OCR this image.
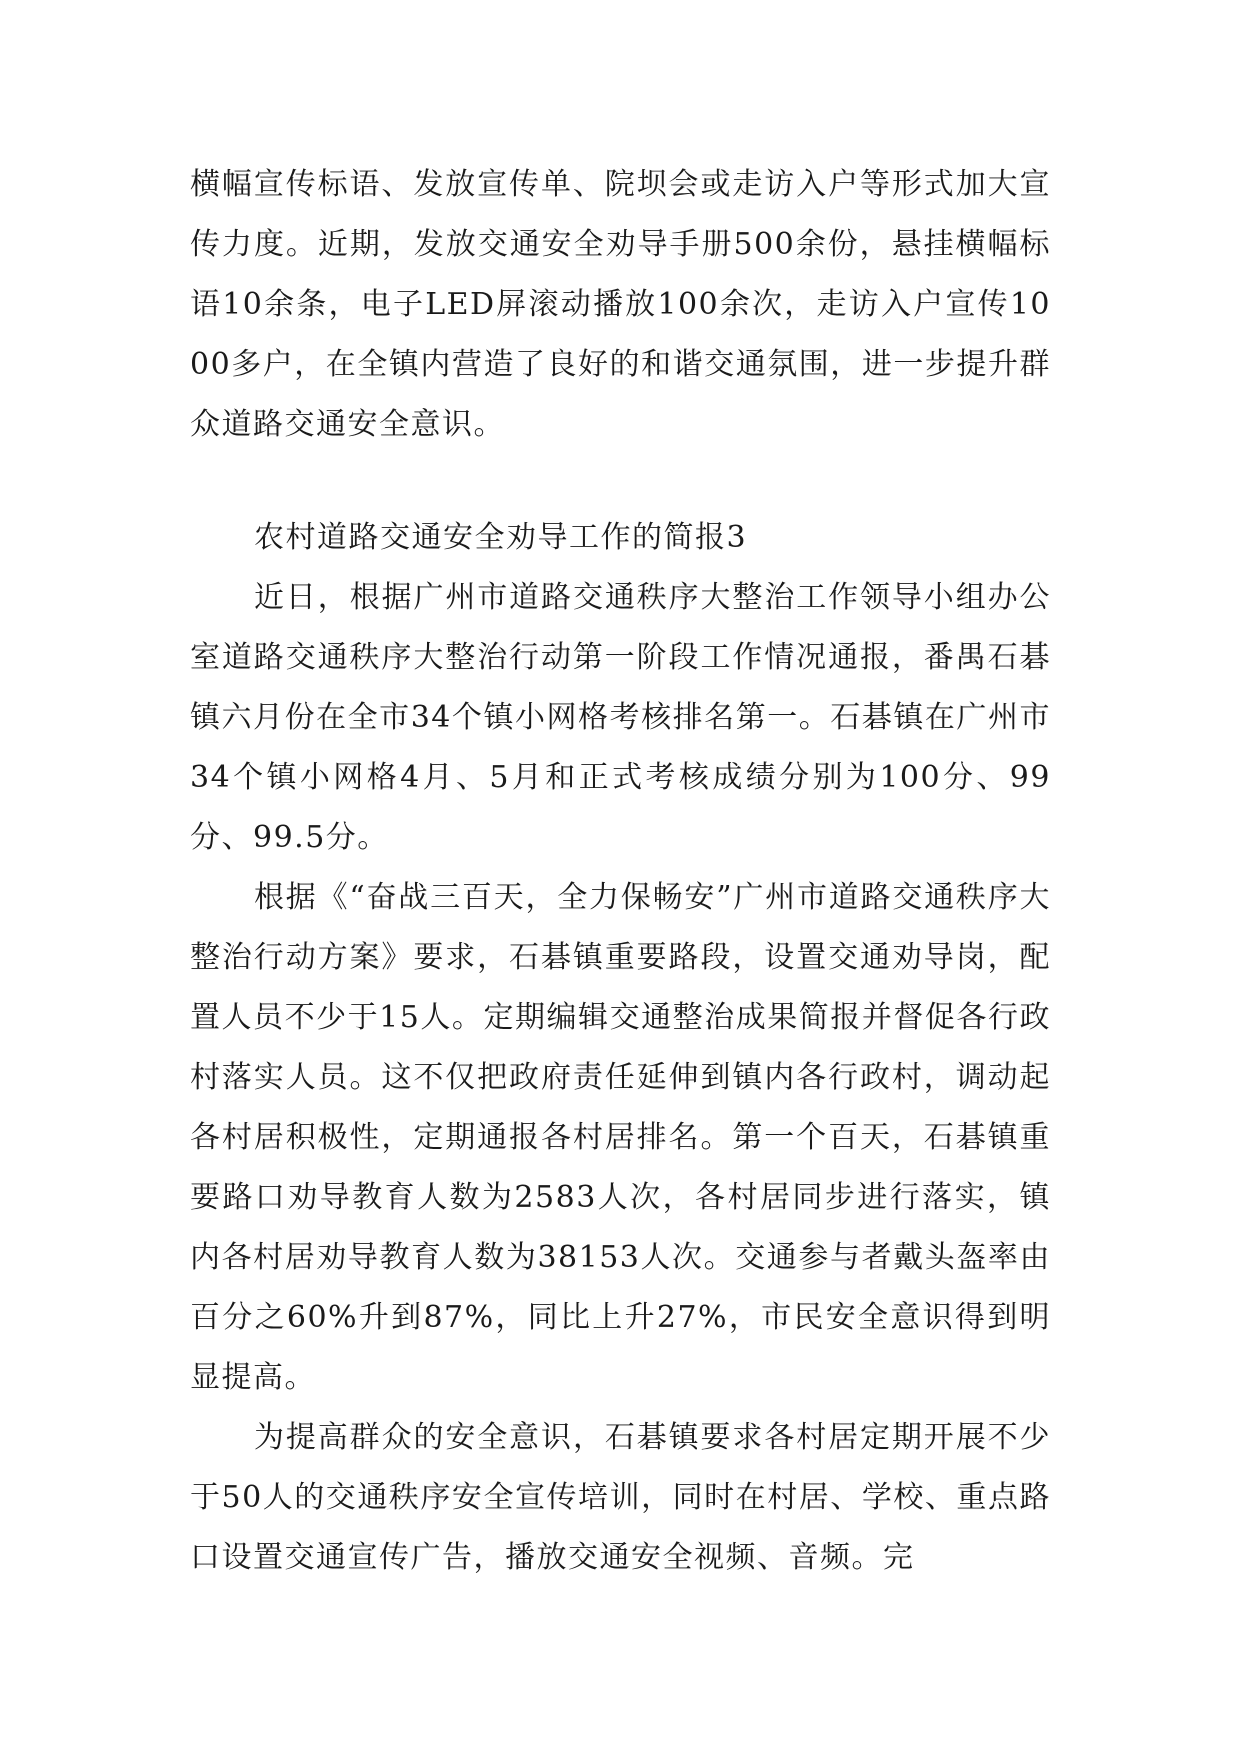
横幅宣传标语、发放宣传单、院坝会或走访入户等形式加大宣传力度。近期，发放交通安全劝导手册500余份，悬挂横幅标语10余条，电子LED屏滚动播放100余次，走访入户宣传1000多户，在全镇内营造了良好的和谐交通氛围，进一步提升群众道路交通安全意识。

农村道路交通安全劝导工作的简报3

近日，根据广州市道路交通秩序大整治工作领导小组办公室道路交通秩序大整治行动第一阶段工作情况通报，番禺石碁镇六月份在全市34个镇小网格考核排名第一。石碁镇在广州市34个镇小网格4月、5月和正式考核成绩分别为100分、99分、99.5分。

根据《“奋战三百天，全力保畅安”广州市道路交通秩序大整治行动方案》要求，石碁镇重要路段，设置交通劝导岗，配置人员不少于15人。定期编辑交通整治成果简报并督促各行政村落实人员。这不仅把政府责任延伸到镇内各行政村，调动起各村居积极性，定期通报各村居排名。第一个百天，石碁镇重要路口劝导教育人数为2583人次，各村居同步进行落实，镇内各村居劝导教育人数为38153人次。交通参与者戴头盔率由百分之60%升到87%，同比上升27%，市民安全意识得到明显提高。

为提高群众的安全意识，石碁镇要求各村居定期开展不少于50人的交通秩序安全宣传培训，同时在村居、学校、重点路口设置交通宣传广告，播放交通安全视频、音频。完
